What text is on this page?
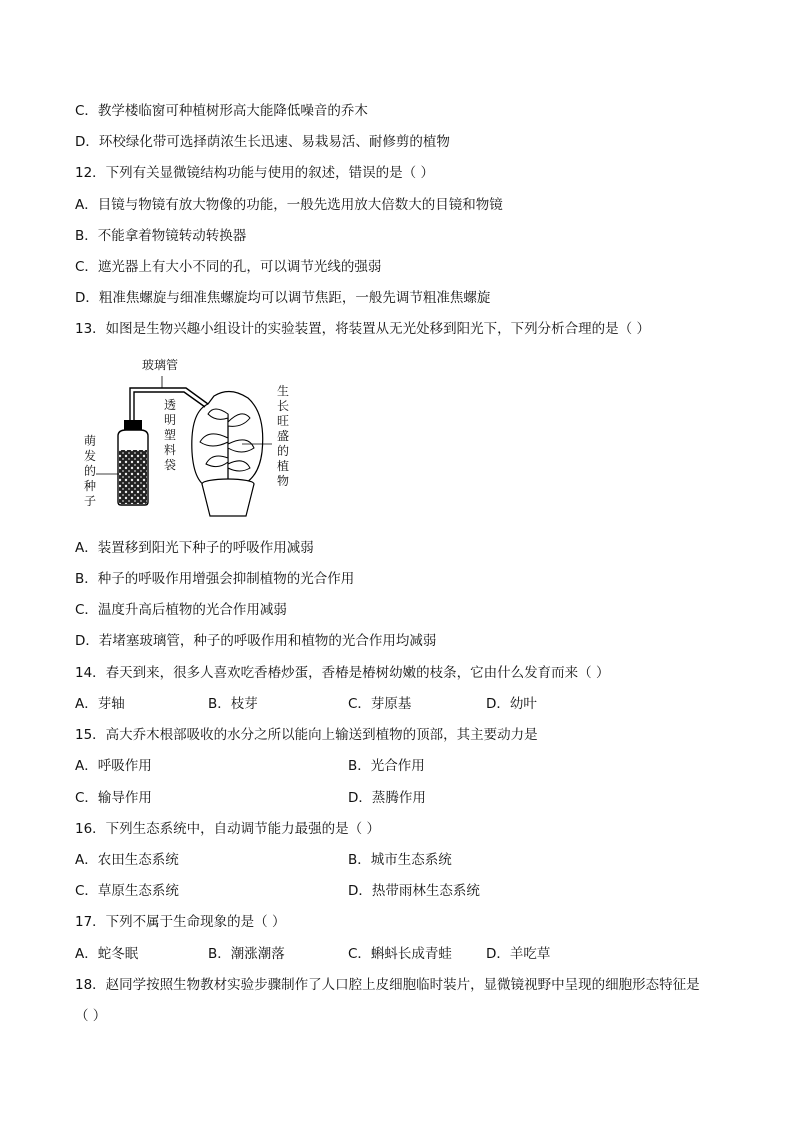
C．教学楼临窗可种植树形高大能降低噪音的乔木
D．环校绿化带可选择荫浓生长迅速、易栽易活、耐修剪的植物
12．下列有关显微镜结构功能与使用的叙述，错误的是（ ）
A．目镜与物镜有放大物像的功能，一般先选用放大倍数大的目镜和物镜
B．不能拿着物镜转动转换器
C．遮光器上有大小不同的孔，可以调节光线的强弱
D．粗准焦螺旋与细准焦螺旋均可以调节焦距，一般先调节粗准焦螺旋
13．如图是生物兴趣小组设计的实验装置，将装置从无光处移到阳光下，下列分析合理的是（ ）
玻璃管
透明塑料袋
生长旺盛的植物
萌发的种子
A．装置移到阳光下种子的呼吸作用减弱
B．种子的呼吸作用增强会抑制植物的光合作用
C．温度升高后植物的光合作用减弱
D．若堵塞玻璃管，种子的呼吸作用和植物的光合作用均减弱
14．春天到来，很多人喜欢吃香椿炒蛋，香椿是椿树幼嫩的枝条，它由什么发育而来（ ）
A．芽轴	B．枝芽	C．芽原基	D．幼叶
15．高大乔木根部吸收的水分之所以能向上输送到植物的顶部，其主要动力是
A．呼吸作用	B．光合作用
C．输导作用	D．蒸腾作用
16．下列生态系统中，自动调节能力最强的是（ ）
A．农田生态系统	B．城市生态系统
C．草原生态系统	D．热带雨林生态系统
17．下列不属于生命现象的是（ ）
A．蛇冬眠	B．潮涨潮落	C．蝌蚪长成青蛙	D．羊吃草
18．赵同学按照生物教材实验步骤制作了人口腔上皮细胞临时装片，显微镜视野中呈现的细胞形态特征是
（ ）
